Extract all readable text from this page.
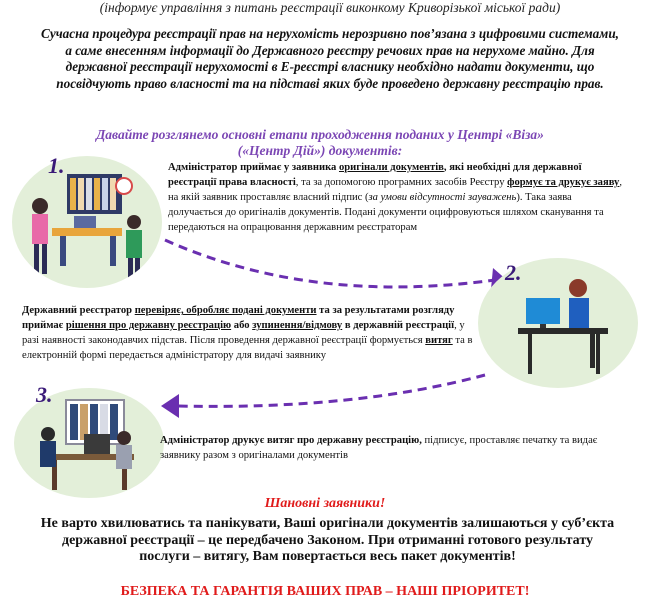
(інформує управління з питань реєстрації виконкому Криворізької міської ради)
Сучасна процедура реєстрації прав на нерухомість нерозривно пов’язана з цифровими системами, а саме внесенням інформації до Державного реєстру речових прав на нерухоме майно. Для державної реєстрації нерухомості в Е-реєстрі власнику необхідно надати документи, що посвідчують право власності та на підставі яких буде проведено державну реєстрацію прав.
Давайте розглянемо основні етапи проходження поданих у Центрі «Віза» («Центр Дій») документів:
1.	Адміністратор приймає у заявника оригінали документів, які необхідні для державної реєстрації права власності, та за допомогою програмних засобів Реєстру формує та друкує заяву, на якій заявник проставляє власний підпис (за умови відсутності зауважень). Така заява долучається до оригіналів документів. Подані документи оцифровуються шляхом сканування та передаються на опрацювання державним реєстраторам
2.
Державний реєстратор перевіряє, обробляє подані документи та за результатами розгляду приймає рішення про державну реєстрацію або зупинення/відмову в державній реєстрації, у разі наявності законодавчих підстав. Після проведення державної реєстрації формується витяг та в електронній формі передається адміністратору для видачі заявнику
3.
Адміністратор друкує витяг про державну реєстрацію, підписує, проставляє печатку та видає заявнику разом з оригіналами документів
Шановні заявники!
Не варто хвилюватись та панікувати, Ваші оригінали документів залишаються у суб’єкта державної реєстрації – це передбачено Законом. При отриманні готового результату послуги – витягу, Вам повертається весь пакет документів!
БЕЗПЕКА ТА ГАРАНТІЯ ВАШИХ ПРАВ – НАШІ ПРІОРИТЕТ!
